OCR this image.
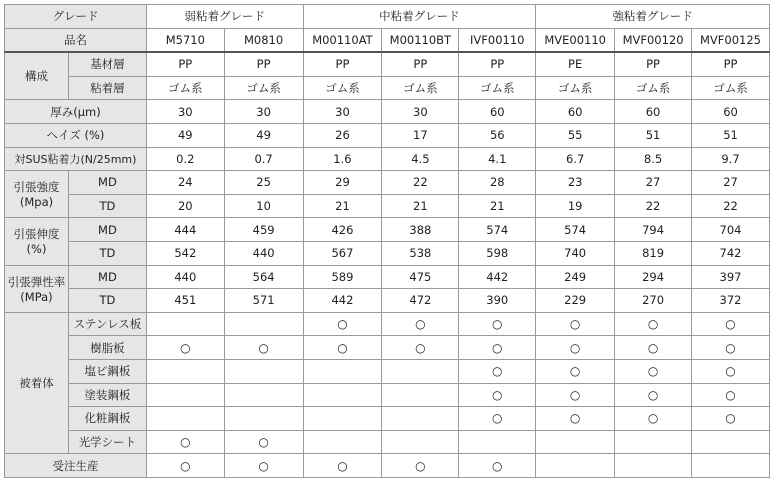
グレード		弱粘着グレード		中粘着グレード			強粘着グレード		
品名		M5710	M0810	M00110AT	M00110BT	IVF00110	MVE00110	MVF00120	MVF00125
構成	基材層	PP	PP	PP	PP	PP	PE	PP	PP
	粘着層	ゴム系	ゴム系	ゴム系	ゴム系	ゴム系	ゴム系	ゴム系	ゴム系
厚み(μm)		30	30	30	30	60	60	60	60
ヘイズ (%)		49	49	26	17	56	55	51	51
対SUS粘着力(N/25mm)		0.2	0.7	1.6	4.5	4.1	6.7	8.5	9.7

引張強度
(Mpa)	MD	24	25	29	22	28	23	27	27
	TD	20	10	21	21	21	19	22	22

引張伸度
(%)	MD	444	459	426	388	574	574	794	704
	TD	542	440	567	538	598	740	819	742

引張弾性率
(MPa)	MD	440	564	589	475	442	249	294	397
	TD	451	571	442	472	390	229	270	372
被着体	ステンレス板			○	○	○	○	○	○
	樹脂板	○	○	○	○	○	○	○	○
	塩ビ鋼板					○	○	○	○
	塗装鋼板					○	○	○	○
	化粧鋼板					○	○	○	○
	光学シート	○	○						
受注生産		○	○	○	○	○			
